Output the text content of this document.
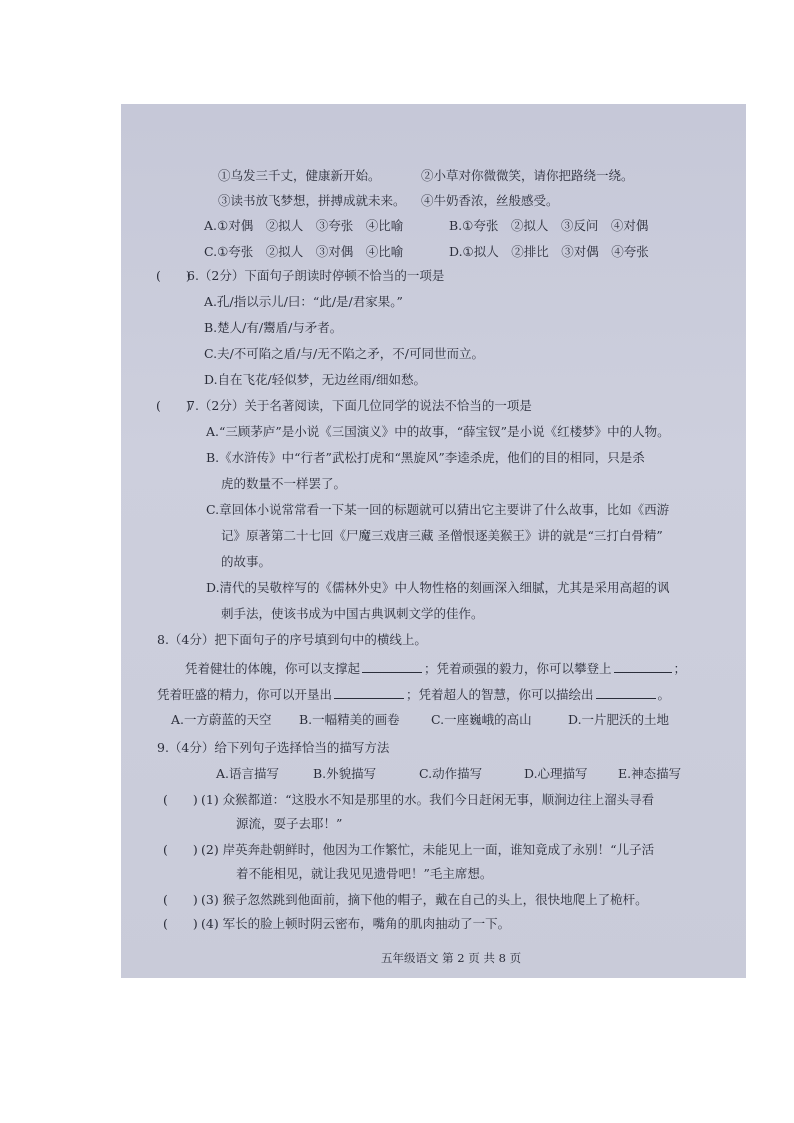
①乌发三千丈，健康新开始。	②小草对你微微笑，请你把路绕一绕。
③读书放飞梦想，拼搏成就未来。 ④牛奶香浓，丝般感受。
A.①对偶　②拟人　③夸张　④比喻	B.①夸张　②拟人　③反问　④对偶
C.①夸张　②拟人　③对偶　④比喻	D.①拟人　②排比　③对偶　④夸张
(　　)
6.（2分）下面句子朗读时停顿不恰当的一项是
A.孔/指以示儿/曰：“此/是/君家果。”
B.楚人/有/鬻盾/与矛者。
C.夫/不可陷之盾/与/无不陷之矛，不/可同世而立。
D.自在飞花/轻似梦，无边丝雨/细如愁。
(　　)
7.（2分）关于名著阅读，下面几位同学的说法不恰当的一项是
A.“三顾茅庐”是小说《三国演义》中的故事，“薛宝钗”是小说《红楼梦》中的人物。
B.《水浒传》中“行者”武松打虎和“黑旋风”李逵杀虎，他们的目的相同，只是杀
虎的数量不一样罢了。
C.章回体小说常常看一下某一回的标题就可以猜出它主要讲了什么故事，比如《西游
记》原著第二十七回《尸魔三戏唐三藏 圣僧恨逐美猴王》讲的就是“三打白骨精”
的故事。
D.清代的吴敬梓写的《儒林外史》中人物性格的刻画深入细腻，尤其是采用高超的讽
刺手法，使该书成为中国古典讽刺文学的佳作。
8.（4分）把下面句子的序号填到句中的横线上。
凭着健壮的体魄，你可以支撑起	；凭着顽强的毅力，你可以攀登上	；
凭着旺盛的精力，你可以开垦出	；凭着超人的智慧，你可以描绘出	。
A.一方蔚蓝的天空 B.一幅精美的画卷	C.一座巍峨的高山	D.一片肥沃的土地
9.（4分）给下列句子选择恰当的描写方法
A.语言描写	B.外貌描写	C.动作描写	D.心理描写 E.神态描写
(　　) (1) 众猴都道：“这股水不知是那里的水。我们今日赶闲无事，顺涧边往上溜头寻看
源流，耍子去耶！”
(　　) (2) 岸英奔赴朝鲜时，他因为工作繁忙，未能见上一面，谁知竟成了永别！“儿子活
着不能相见，就让我见见遗骨吧！”毛主席想。
(　　) (3) 猴子忽然跳到他面前，摘下他的帽子，戴在自己的头上，很快地爬上了桅杆。
(　　) (4) 军长的脸上顿时阴云密布，嘴角的肌肉抽动了一下。
五年级语文 第 2 页 共 8 页
